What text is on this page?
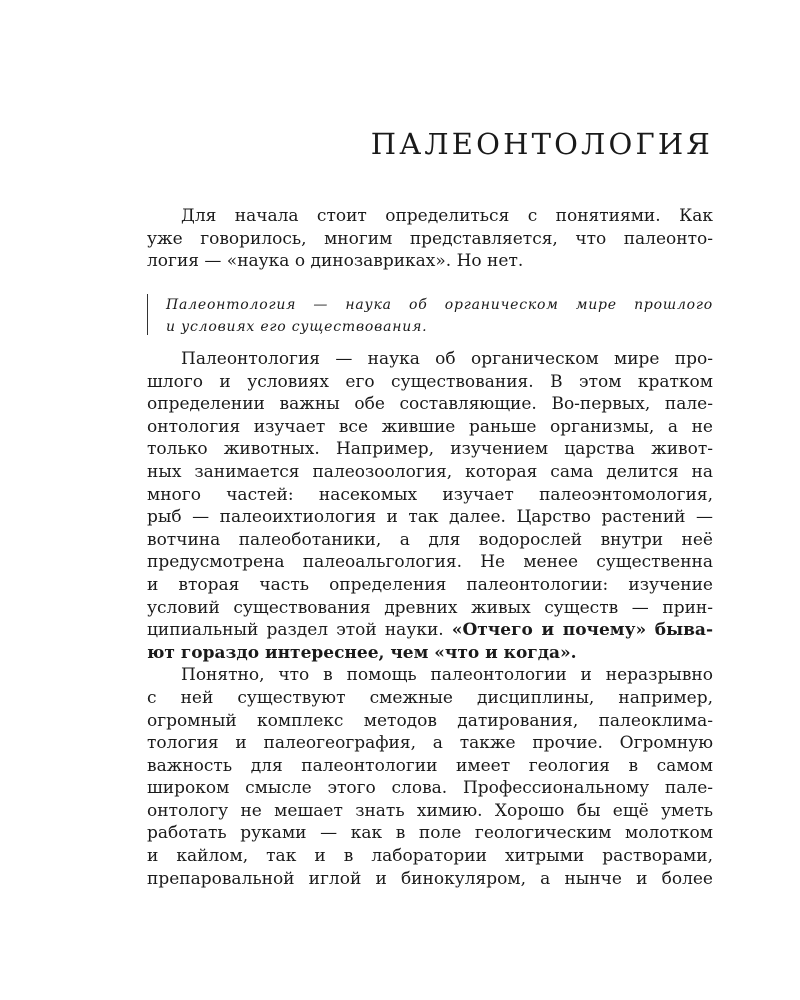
ПАЛЕОНТОЛОГИЯ
Для начала стоит определиться с понятиями. Как
уже говорилось, многим представляется, что палеонто-
логия — «наука о динозавриках». Но нет.

Палеонтология — наука об органическом мире прошлого

и условиях его существования.

Палеонтология — наука об органическом мире про-
шлого и условиях его существования. В этом кратком
определении важны обе составляющие. Во-первых, пале-
онтология изучает все жившие раньше организмы, а не
только животных. Например, изучением царства живот-
ных занимается палеозоология, которая сама делится на
много частей: насекомых изучает палеоэнтомология,
рыб — палеоихтиология и так далее. Царство растений —
вотчина палеоботаники, а для водорослей внутри неё
предусмотрена палеоальгология. Не менее существенна
и вторая часть определения палеонтологии: изучение
условий существования древних живых существ — прин-
ципиальный раздел этой науки. «Отчего и почему» быва-
ют гораздо интереснее, чем «что и когда».
Понятно, что в помощь палеонтологии и неразрывно
с ней существуют смежные дисциплины, например,
огромный комплекс методов датирования, палеоклима-
тология и палеогеография, а также прочие. Огромную
важность для палеонтологии имеет геология в самом
широком смысле этого слова. Профессиональному пале-
онтологу не мешает знать химию. Хорошо бы ещё уметь
работать руками — как в поле геологическим молотком
и кайлом, так и в лаборатории хитрыми растворами,
препаровальной иглой и бинокуляром, а нынче и более
